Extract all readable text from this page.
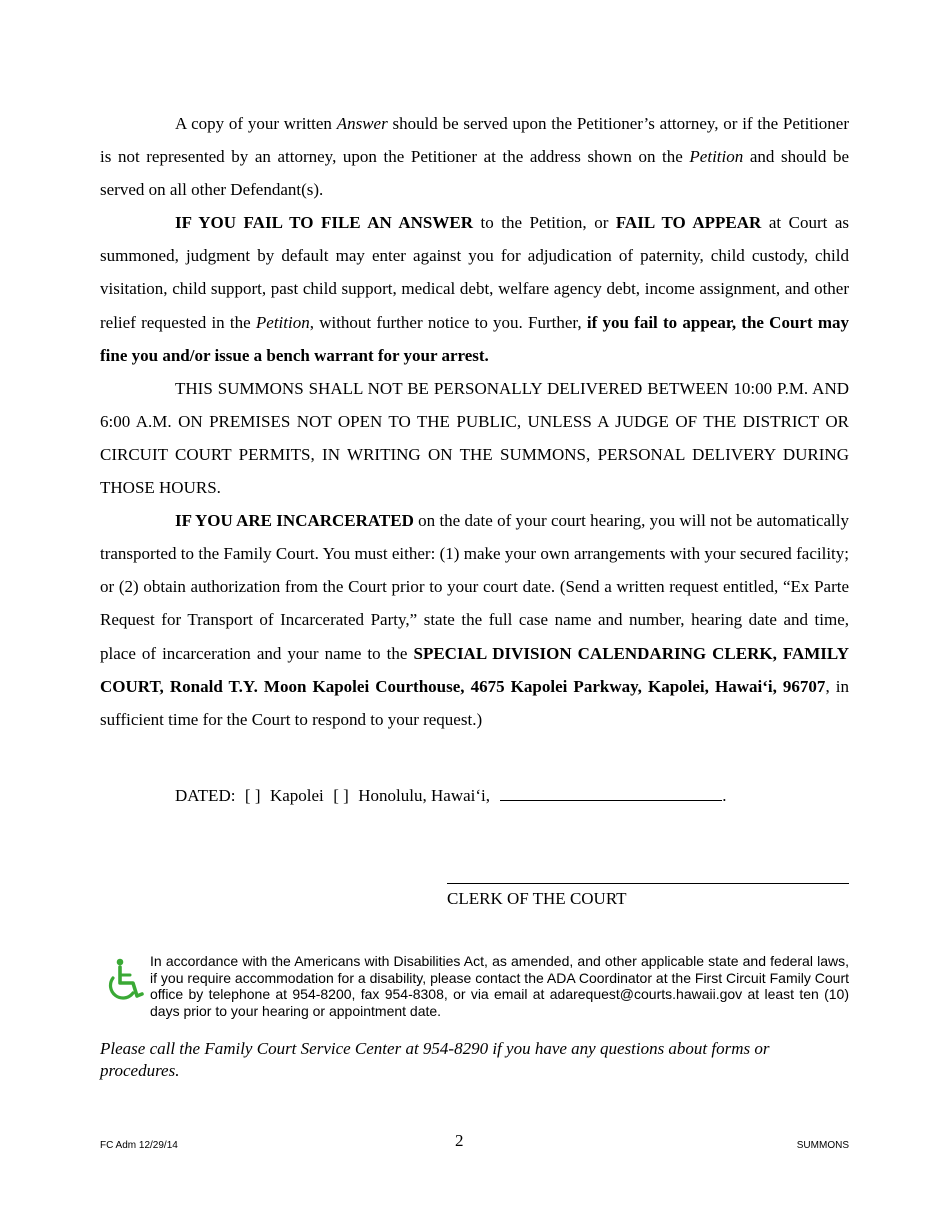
A copy of your written Answer should be served upon the Petitioner’s attorney, or if the Petitioner is not represented by an attorney, upon the Petitioner at the address shown on the Petition and should be served on all other Defendant(s).

IF YOU FAIL TO FILE AN ANSWER to the Petition, or FAIL TO APPEAR at Court as summoned, judgment by default may enter against you for adjudication of paternity, child custody, child visitation, child support, past child support, medical debt, welfare agency debt, income assignment, and other relief requested in the Petition, without further notice to you. Further, if you fail to appear, the Court may fine you and/or issue a bench warrant for your arrest.

THIS SUMMONS SHALL NOT BE PERSONALLY DELIVERED BETWEEN 10:00 P.M. AND 6:00 A.M. ON PREMISES NOT OPEN TO THE PUBLIC, UNLESS A JUDGE OF THE DISTRICT OR CIRCUIT COURT PERMITS, IN WRITING ON THE SUMMONS, PERSONAL DELIVERY DURING THOSE HOURS.

IF YOU ARE INCARCERATED on the date of your court hearing, you will not be automatically transported to the Family Court. You must either: (1) make your own arrangements with your secured facility; or (2) obtain authorization from the Court prior to your court date. (Send a written request entitled, “Ex Parte Request for Transport of Incarcerated Party,” state the full case name and number, hearing date and time, place of incarceration and your name to the SPECIAL DIVISION CALENDARING CLERK, FAMILY COURT, Ronald T.Y. Moon Kapolei Courthouse, 4675 Kapolei Parkway, Kapolei, Hawai‘i, 96707, in sufficient time for the Court to respond to your request.)

DATED: [ ] Kapolei [ ] Honolulu, Hawai‘i,	.
CLERK OF THE COURT
In accordance with the Americans with Disabilities Act, as amended, and other applicable state and federal laws, if you require accommodation for a disability, please contact the ADA Coordinator at the First Circuit Family Court office by telephone at 954-8200, fax 954-8308, or via email at adarequest@courts.hawaii.gov at least ten (10) days prior to your hearing or appointment date.
Please call the Family Court Service Center at 954-8290 if you have any questions about forms or procedures.
FC Adm 12/29/14	2	SUMMONS
